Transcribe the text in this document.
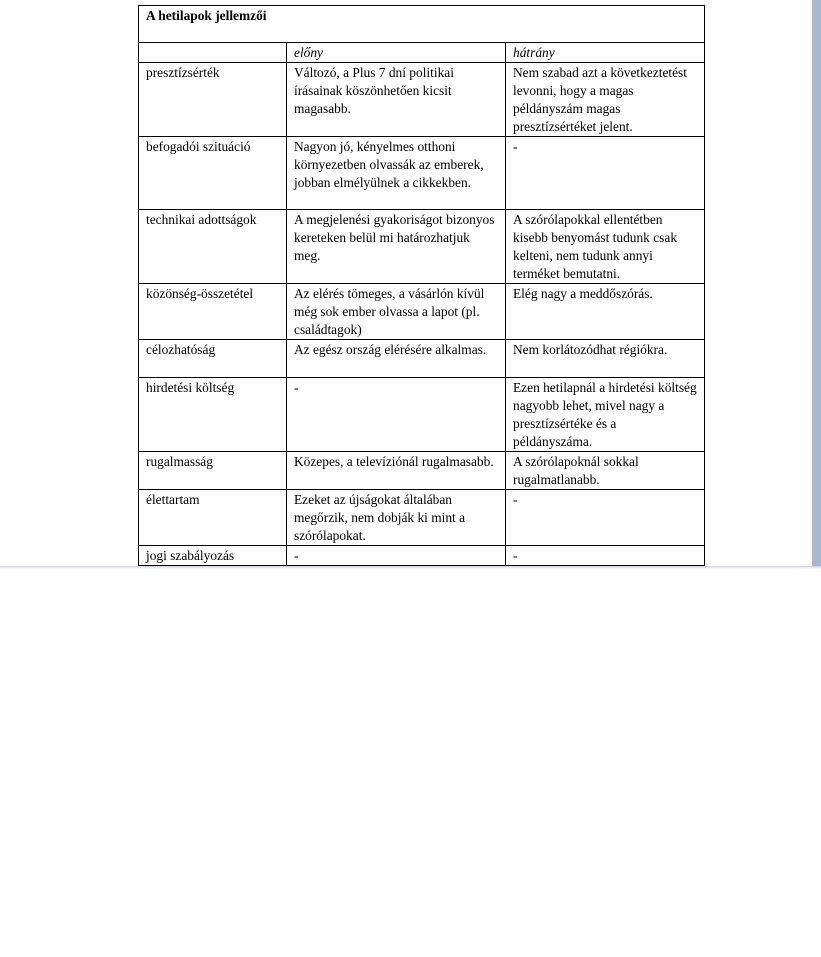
A hetilapok jellemzői		
	előny	hátrány
presztízsérték	Változó, a Plus 7 dní politikai írásainak köszönhetően kicsit magasabb.	Nem szabad azt a következtetést levonni, hogy a magas példányszám magas presztízsértéket jelent.
befogadói szituáció	Nagyon jó, kényelmes otthoni környezetben olvassák az emberek, jobban elmélyülnek a cikkekben.	-
technikai adottságok	A megjelenési gyakoriságot bizonyos kereteken belül mi határozhatjuk meg.	A szórólapokkal ellentétben kisebb benyomást tudunk csak kelteni, nem tudunk annyi terméket bemutatni.
közönség-összetétel	Az elérés tömeges, a vásárlón kívül még sok ember olvassa a lapot (pl. családtagok)	Elég nagy a meddőszórás.
célozhatóság	Az egész ország elérésére alkalmas.	Nem korlátozódhat régiókra.
hirdetési költség	-	Ezen hetilapnál a hirdetési költség nagyobb lehet, mivel nagy a presztízsértéke és a példányszáma.
rugalmasság	Közepes, a televíziónál rugalmasabb.	A szórólapoknál sokkal rugalmatlanabb.
élettartam	Ezeket az újságokat általában megőrzik, nem dobják ki mint a szórólapokat.	-
jogi szabályozás	-	-
